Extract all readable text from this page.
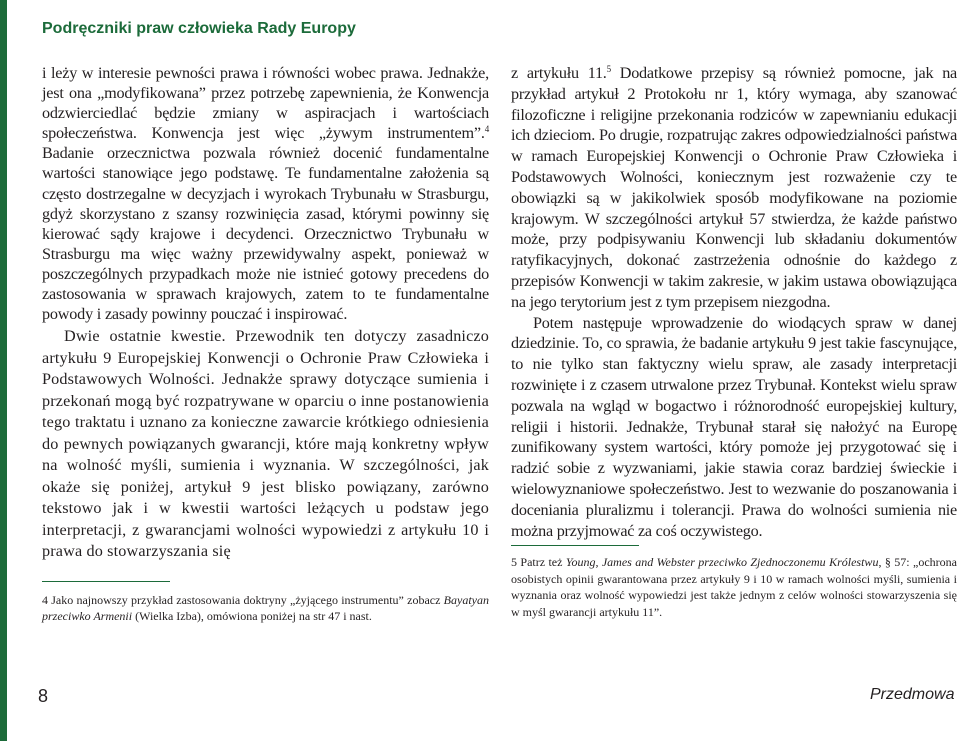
Podręczniki praw człowieka Rady Europy

i leży w interesie pewności prawa i równości wobec prawa. Jednakże, jest ona „modyfikowana” przez potrzebę zapewnienia, że Konwencja odzwierciedlać będzie zmiany w aspiracjach i wartościach społeczeństwa. Konwencja jest więc „żywym instrumentem”.$^4$ Badanie orzecznictwa pozwala również docenić fundamentalne wartości stanowiące jego podstawę. Te fundamentalne założenia są często dostrzegalne w decyzjach i wyrokach Trybunału w Strasburgu, gdyż skorzystano z szansy rozwinięcia zasad, którymi powinny się kierować sądy krajowe i decydenci. Orzecznictwo Trybunału w Strasburgu ma więc ważny przewidywalny aspekt, ponieważ w poszczególnych przypadkach może nie istnieć gotowy precedens do zastosowania w sprawach krajowych, zatem to te fundamentalne powody i zasady powinny pouczać i inspirować.

Dwie ostatnie kwestie. Przewodnik ten dotyczy zasadniczo artykułu 9 Europejskiej Konwencji o Ochronie Praw Człowieka i Podstawowych Wolności. Jednakże sprawy dotyczące sumienia i przekonań mogą być rozpatrywane w oparciu o inne postanowienia tego traktatu i uznano za konieczne zawarcie krótkiego odniesienia do pewnych powiązanych gwarancji, które mają konkretny wpływ na wolność myśli, sumienia i wyznania. W szczególności, jak okaże się poniżej, artykuł 9 jest blisko powiązany, zarówno tekstowo jak i w kwestii wartości leżących u podstaw jego interpretacji, z gwarancjami wolności wypowiedzi z artykułu 10 i prawa do stowarzyszania się

4 Jako najnowszy przykład zastosowania doktryny „żyjącego instrumentu” zobacz Bayatyan przeciwko Armenii (Wielka Izba), omówiona poniżej na str 47 i nast.

z artykułu 11.$^5$ Dodatkowe przepisy są również pomocne, jak na przykład artykuł 2 Protokołu nr 1, który wymaga, aby szanować filozoficzne i religijne przekonania rodziców w zapewnianiu edukacji ich dzieciom. Po drugie, rozpatrując zakres odpowiedzialności państwa w ramach Europejskiej Konwencji o Ochronie Praw Człowieka i Podstawowych Wolności, koniecznym jest rozważenie czy te obowiązki są w jakikolwiek sposób modyfikowane na poziomie krajowym. W szczególności artykuł 57 stwierdza, że każde państwo może, przy podpisywaniu Konwencji lub składaniu dokumentów ratyfikacyjnych, dokonać zastrzeżenia odnośnie do każdego z przepisów Konwencji w takim zakresie, w jakim ustawa obowiązująca na jego terytorium jest z tym przepisem niezgodna.

Potem następuje wprowadzenie do wiodących spraw w danej dziedzinie. To, co sprawia, że badanie artykułu 9 jest takie fascynujące, to nie tylko stan faktyczny wielu spraw, ale zasady interpretacji rozwinięte i z czasem utrwalone przez Trybunał. Kontekst wielu spraw pozwala na wgląd w bogactwo i różnorodność europejskiej kultury, religii i historii. Jednakże, Trybunał starał się nałożyć na Europę zunifikowany system wartości, który pomoże jej przygotować się i radzić sobie z wyzwaniami, jakie stawia coraz bardziej świeckie i wielowyznaniowe społeczeństwo. Jest to wezwanie do poszanowania i doceniania pluralizmu i tolerancji. Prawa do wolności sumienia nie można przyjmować za coś oczywistego.

5 Patrz też Young, James and Webster przeciwko Zjednoczonemu Królestwu, § 57: „ochrona osobistych opinii gwarantowana przez artykuły 9 i 10 w ramach wolności myśli, sumienia i wyznania oraz wolność wypowiedzi jest także jednym z celów wolności stowarzyszenia się w myśl gwarancji artykułu 11”.

8	Przedmowa
